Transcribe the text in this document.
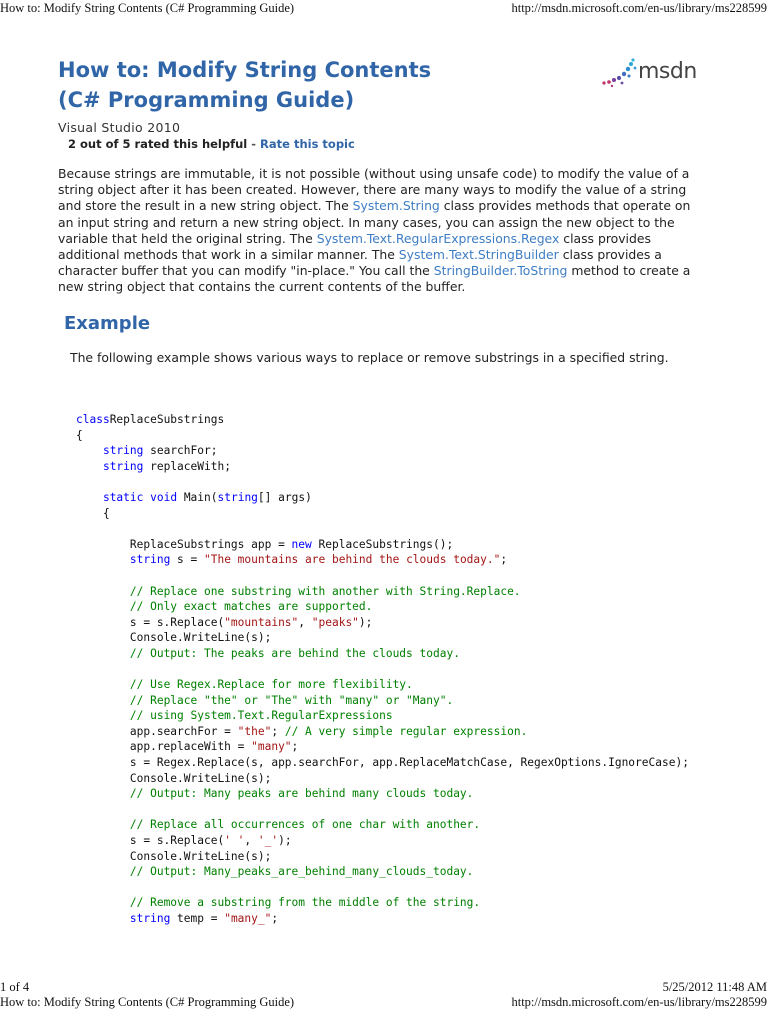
How to: Modify String Contents (C# Programming Guide)	http://msdn.microsoft.com/en-us/library/ms228599
msdn
How to: Modify String Contents (C# Programming Guide)
Visual Studio 2010
2 out of 5 rated this helpful - Rate this topic
Because strings are immutable, it is not possible (without using unsafe code) to modify the value of a string object after it has been created. However, there are many ways to modify the value of a string and store the result in a new string object. The System.String class provides methods that operate on an input string and return a new string object. In many cases, you can assign the new object to the variable that held the original string. The System.Text.RegularExpressions.Regex class provides additional methods that work in a similar manner. The System.Text.StringBuilder class provides a character buffer that you can modify "in-place." You call the StringBuilder.ToString method to create a new string object that contains the current contents of the buffer.
Example
The following example shows various ways to replace or remove substrings in a specified string.
classReplaceSubstrings
{
string searchFor;
string replaceWith;

static void Main(string[] args)
{

ReplaceSubstrings app = new ReplaceSubstrings();
string s = "The mountains are behind the clouds today.";

// Replace one substring with another with String.Replace.
// Only exact matches are supported.
s = s.Replace("mountains", "peaks");
Console.WriteLine(s);
// Output: The peaks are behind the clouds today.

// Use Regex.Replace for more flexibility.
// Replace "the" or "The" with "many" or "Many".
// using System.Text.RegularExpressions
app.searchFor = "the"; // A very simple regular expression.
app.replaceWith = "many";
s = Regex.Replace(s, app.searchFor, app.ReplaceMatchCase, RegexOptions.IgnoreCase);
Console.WriteLine(s);
// Output: Many peaks are behind many clouds today.

// Replace all occurrences of one char with another.
s = s.Replace(' ', '_');
Console.WriteLine(s);
// Output: Many_peaks_are_behind_many_clouds_today.

// Remove a substring from the middle of the string.
string temp = "many_";
1 of 4	5/25/2012 11:48 AM
How to: Modify String Contents (C# Programming Guide)	http://msdn.microsoft.com/en-us/library/ms228599
